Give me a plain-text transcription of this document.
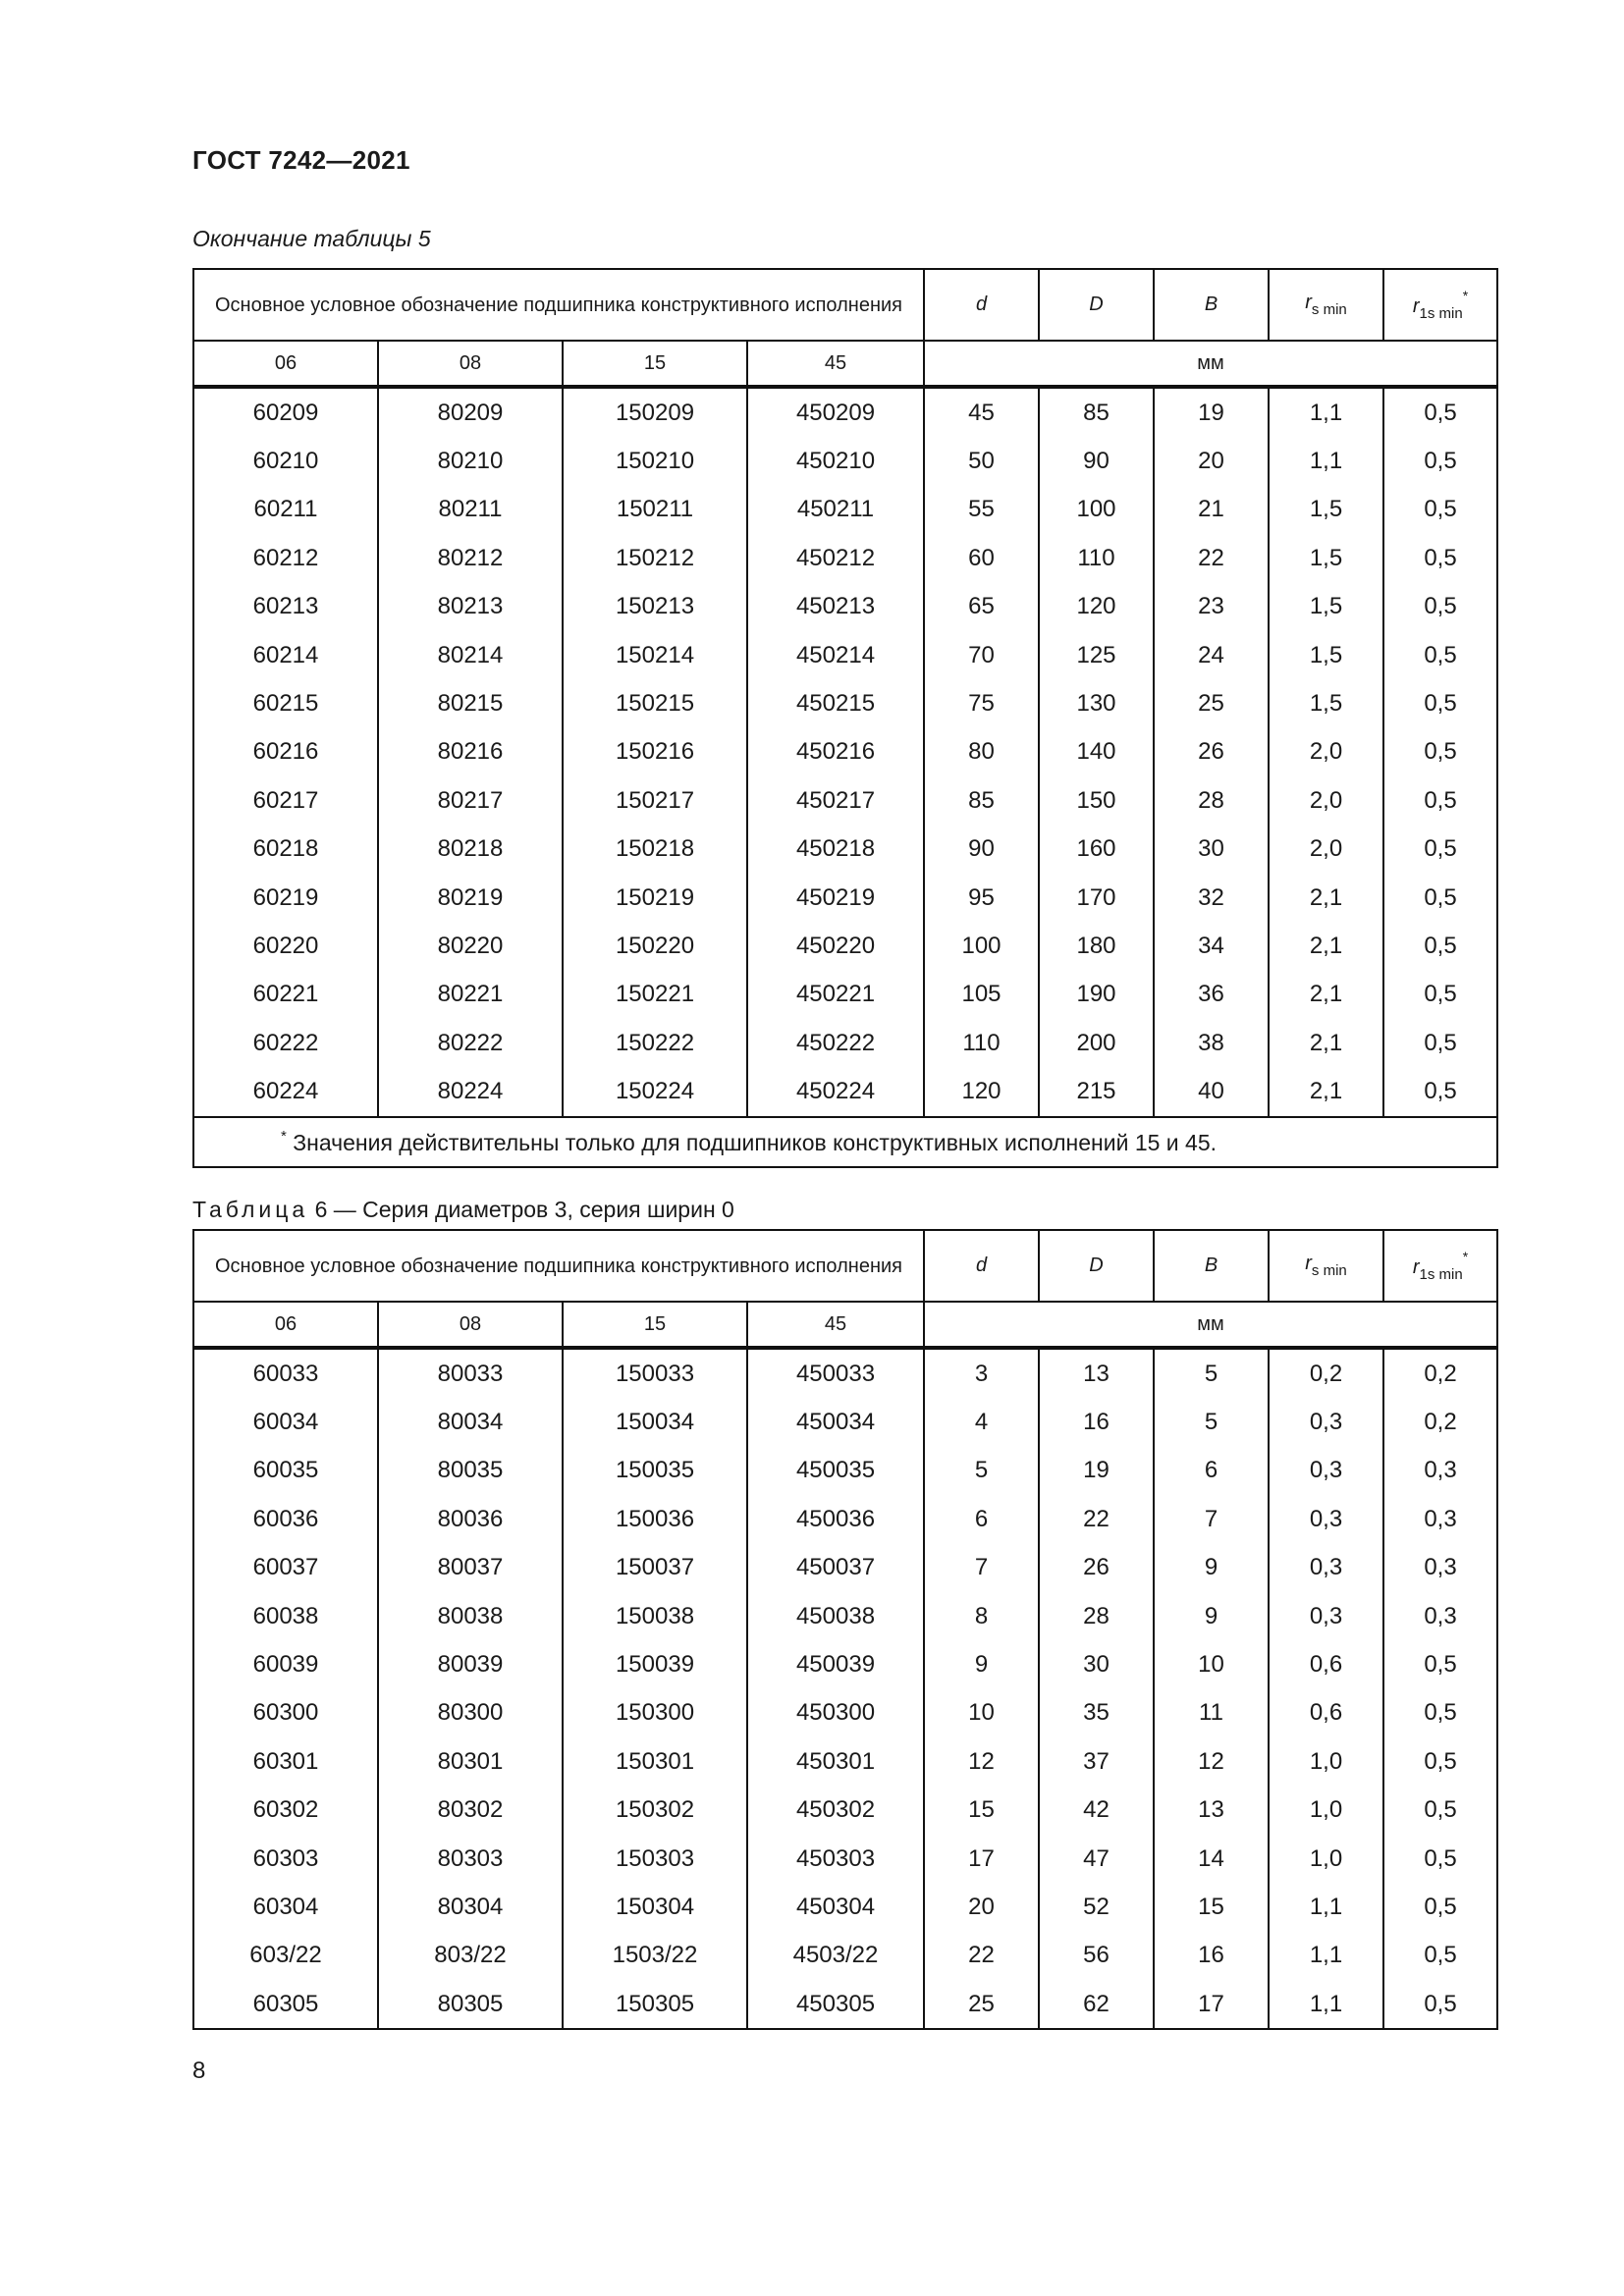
ГОСТ 7242—2021
Окончание таблицы 5
Основное условное обозначение подшипника конструктивного исполнения				d	D	B	$r_{s min}$	$r_{1s min}^*$
06	08	15	45	мм				
60209	80209	150209	450209	45	85	19	1,1	0,5
60210	80210	150210	450210	50	90	20	1,1	0,5
60211	80211	150211	450211	55	100	21	1,5	0,5
60212	80212	150212	450212	60	110	22	1,5	0,5
60213	80213	150213	450213	65	120	23	1,5	0,5
60214	80214	150214	450214	70	125	24	1,5	0,5
60215	80215	150215	450215	75	130	25	1,5	0,5
60216	80216	150216	450216	80	140	26	2,0	0,5
60217	80217	150217	450217	85	150	28	2,0	0,5
60218	80218	150218	450218	90	160	30	2,0	0,5
60219	80219	150219	450219	95	170	32	2,1	0,5
60220	80220	150220	450220	100	180	34	2,1	0,5
60221	80221	150221	450221	105	190	36	2,1	0,5
60222	80222	150222	450222	110	200	38	2,1	0,5
60224	80224	150224	450224	120	215	40	2,1	0,5
* Значения действительны только для подшипников конструктивных исполнений 15 и 45.								
Таблица 6 — Серия диаметров 3, серия ширин 0
Основное условное обозначение подшипника конструктивного исполнения				d	D	B	$r_{s min}$	$r_{1s min}^*$
06	08	15	45	мм				
60033	80033	150033	450033	3	13	5	0,2	0,2
60034	80034	150034	450034	4	16	5	0,3	0,2
60035	80035	150035	450035	5	19	6	0,3	0,3
60036	80036	150036	450036	6	22	7	0,3	0,3
60037	80037	150037	450037	7	26	9	0,3	0,3
60038	80038	150038	450038	8	28	9	0,3	0,3
60039	80039	150039	450039	9	30	10	0,6	0,5
60300	80300	150300	450300	10	35	11	0,6	0,5
60301	80301	150301	450301	12	37	12	1,0	0,5
60302	80302	150302	450302	15	42	13	1,0	0,5
60303	80303	150303	450303	17	47	14	1,0	0,5
60304	80304	150304	450304	20	52	15	1,1	0,5
603/22	803/22	1503/22	4503/22	22	56	16	1,1	0,5
60305	80305	150305	450305	25	62	17	1,1	0,5
8
